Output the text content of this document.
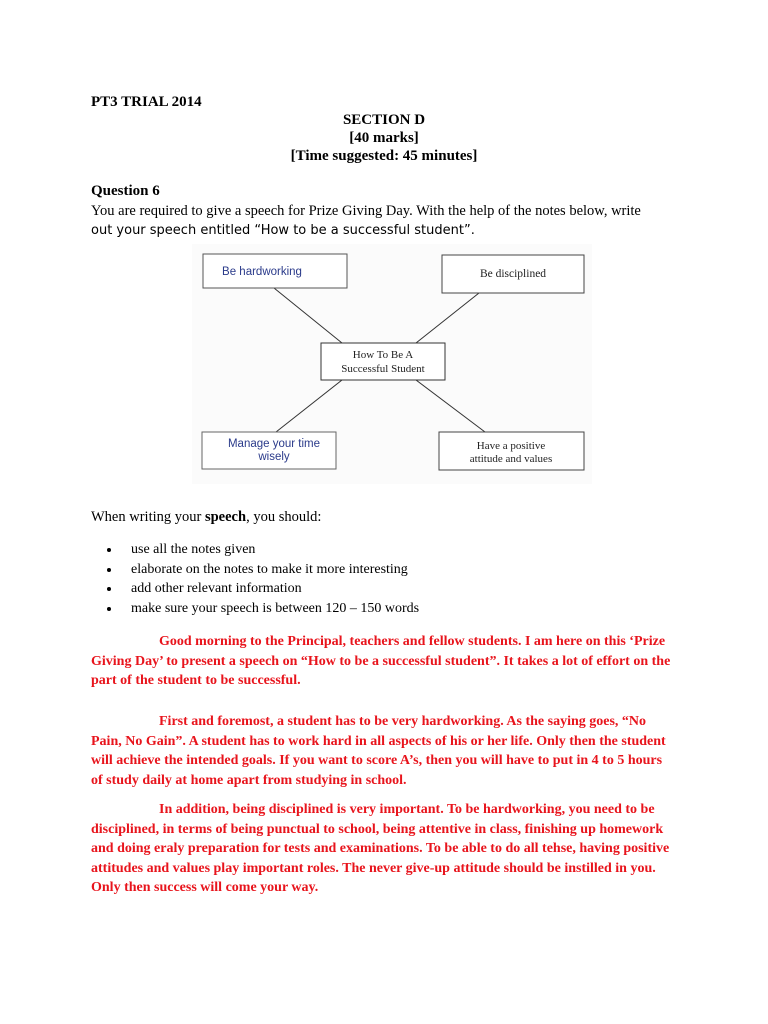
PT3 TRIAL 2014
SECTION D
[40 marks]
[Time suggested: 45 minutes]
Question 6
You are required to give a speech for Prize Giving Day. With the help of the notes below, write
out your speech entitled “How to be a successful student”.
Be hardworking	Be disciplined
How To Be A
Successful Student
Manage your time
wisely
Have a positive
attitude and values
When writing your speech, you should:
• use all the notes given
• elaborate on the notes to make it more interesting
• add other relevant information
• make sure your speech is between 120 – 150 words

Good morning to the Principal, teachers and fellow students. I am here on this ‘Prize Giving Day’ to present a speech on “How to be a successful student”. It takes a lot of effort on the part of the student to be successful.

First and foremost, a student has to be very hardworking. As the saying goes, “No Pain, No Gain”. A student has to work hard in all aspects of his or her life. Only then the student will achieve the intended goals. If you want to score A’s, then you will have to put in 4 to 5 hours of study daily at home apart from studying in school.

In addition, being disciplined is very important. To be hardworking, you need to be disciplined, in terms of being punctual to school, being attentive in class, finishing up homework and doing eraly preparation for tests and examinations. To be able to do all tehse, having positive attitudes and values play important roles. The never give-up attitude should be instilled in you. Only then success will come your way.
